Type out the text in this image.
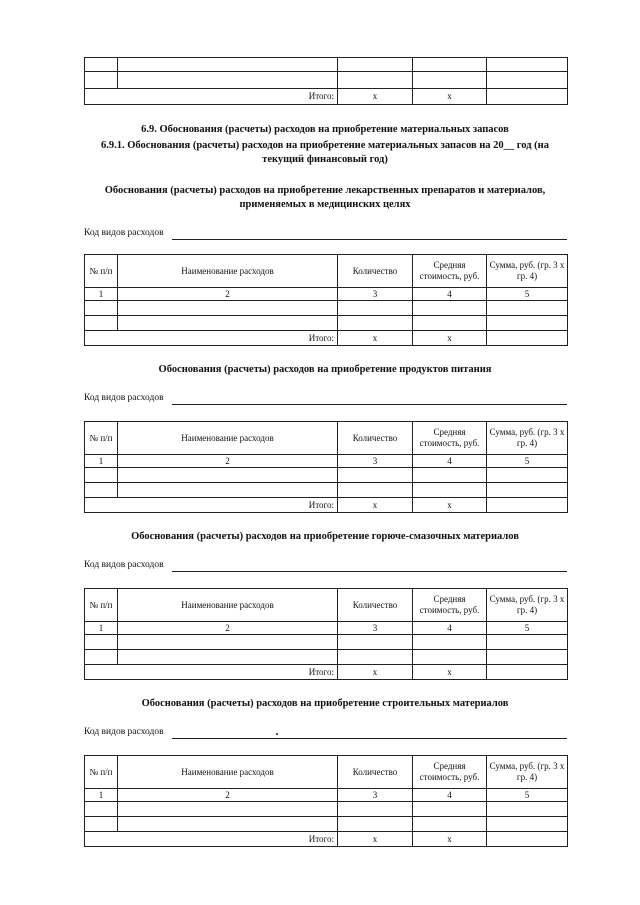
Итого:		x	x	
6.9. Обоснования (расчеты) расходов на приобретение материальных запасов
6.9.1. Обоснования (расчеты) расходов на приобретение материальных запасов на 20__ год (на
текущий финансовый год)
Обоснования (расчеты) расходов на приобретение лекарственных препаратов и материалов,
применяемых в медицинских целях
Код видов расходов
№ п/п	Наименование расходов	Количество	Средняя стоимость, руб.	Сумма, руб. (гр. 3 х гр. 4)
1	2	3	4	5

Итого:		x	x	
Обоснования (расчеты) расходов на приобретение продуктов питания
Код видов расходов
№ п/п	Наименование расходов	Количество	Средняя стоимость, руб.	Сумма, руб. (гр. 3 х гр. 4)
1	2	3	4	5

Итого:		x	x	
Обоснования (расчеты) расходов на приобретение горюче-смазочных материалов
Код видов расходов
№ п/п	Наименование расходов	Количество	Средняя стоимость, руб.	Сумма, руб. (гр. 3 х гр. 4)
1	2	3	4	5

Итого:		x	x	
Обоснования (расчеты) расходов на приобретение строительных материалов
Код видов расходов
№ п/п	Наименование расходов	Количество	Средняя стоимость, руб.	Сумма, руб. (гр. 3 х гр. 4)
1	2	3	4	5

Итого:		x	x	
